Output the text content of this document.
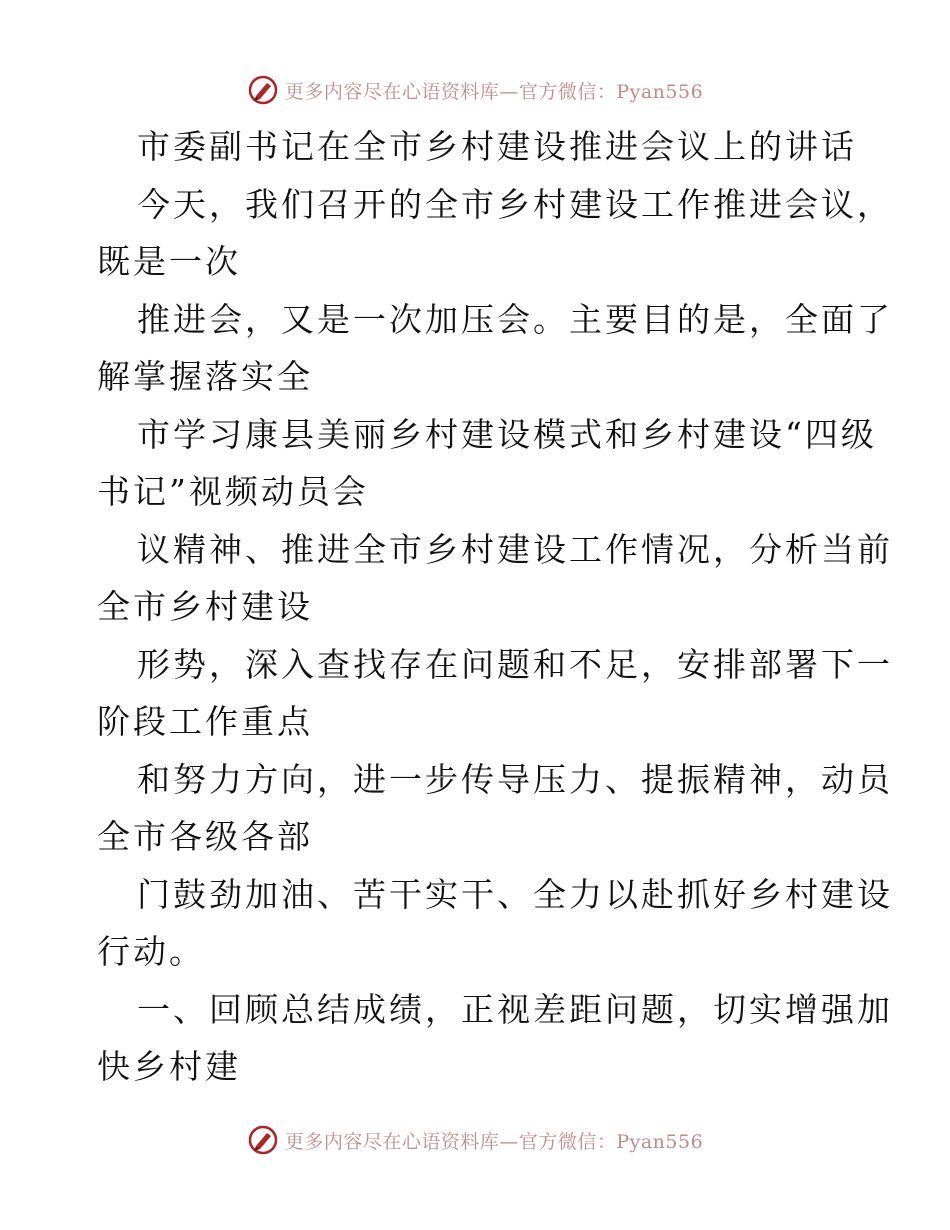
更多内容尽在心语资料库—官方微信：Pyan556
市委副书记在全市乡村建设推进会议上的讲话
今天，我们召开的全市乡村建设工作推进会议，
既是一次
推进会，又是一次加压会。主要目的是，全面了
解掌握落实全
市学习康县美丽乡村建设模式和乡村建设“四级
书记”视频动员会
议精神、推进全市乡村建设工作情况，分析当前
全市乡村建设
形势，深入查找存在问题和不足，安排部署下一
阶段工作重点
和努力方向，进一步传导压力、提振精神，动员
全市各级各部
门鼓劲加油、苦干实干、全力以赴抓好乡村建设
行动。
一、回顾总结成绩，正视差距问题，切实增强加
快乡村建
更多内容尽在心语资料库—官方微信：Pyan556
